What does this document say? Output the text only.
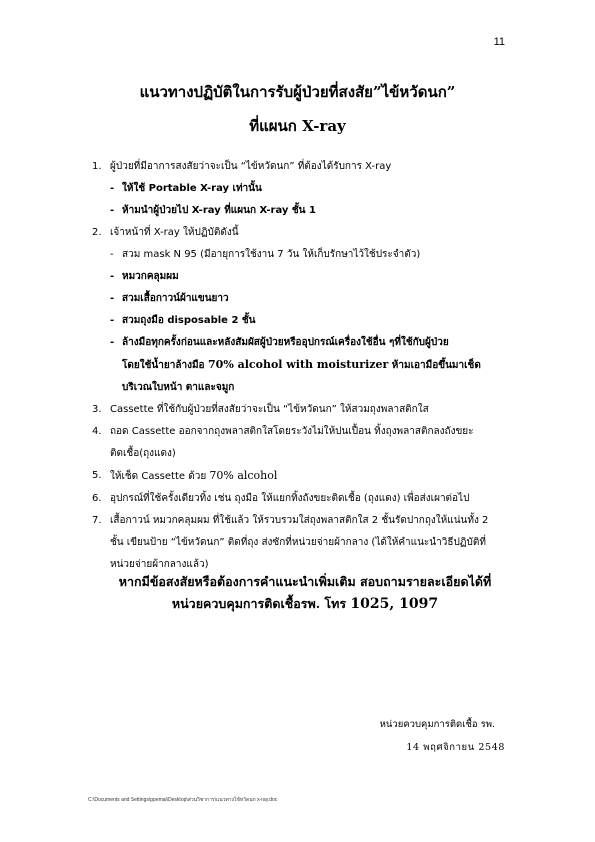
11
แนวทางปฏิบัติในการรับผู้ป่วยที่สงสัย”ไข้หวัดนก”
ที่แผนก X-ray
1. ผู้ป่วยที่มีอาการสงสัยว่าจะเป็น “ไข้หวัดนก” ที่ต้องได้รับการ X-ray
- ให้ใช้ Portable X-ray เท่านั้น
- ห้ามนำผู้ป่วยไป X-ray ที่แผนก X-ray ชั้น 1
2. เจ้าหน้าที่ X-ray ให้ปฏิบัติดังนี้
- สวม mask N 95 (มีอายุการใช้งาน 7 วัน ให้เก็บรักษาไว้ใช้ประจำตัว)
- หมวกคลุมผม
- สวมเสื้อกาวน์ผ้าแขนยาว
- สวมถุงมือ disposable 2 ชั้น
- ล้างมือทุกครั้งก่อนและหลังสัมผัสผู้ป่วยหรืออุปกรณ์เครื่องใช้อื่น ๆที่ใช้กับผู้ป่วย
โดยใช้น้ำยาล้างมือ 70% alcohol with moisturizer ห้ามเอามือขึ้นมาเช็ด
บริเวณใบหน้า ตาและจมูก
3. Cassette ที่ใช้กับผู้ป่วยที่สงสัยว่าจะเป็น “ไข้หวัดนก” ให้สวมถุงพลาสติกใส
4. ถอด Cassette ออกจากถุงพลาสติกใสโดยระวังไม่ให้ปนเปื้อน ทิ้งถุงพลาสติกลงถังขยะ
ติดเชื้อ(ถุงแดง)
5. ให้เช็ด Cassette ด้วย 70% alcohol
6. อุปกรณ์ที่ใช้ครั้งเดียวทิ้ง เช่น ถุงมือ ให้แยกทิ้งถังขยะติดเชื้อ (ถุงแดง) เพื่อส่งเผาต่อไป
7. เสื้อกาวน์ หมวกคลุมผม ที่ใช้แล้ว ให้รวบรวมใส่ถุงพลาสติกใส 2 ชั้นรัดปากถุงให้แน่นทั้ง 2
ชั้น เขียนป้าย “ไข้หวัดนก” ติดที่ถุง ส่งซักที่หน่วยจ่ายผ้ากลาง (ได้ให้คำแนะนำวิธีปฏิบัติที่
หน่วยจ่ายผ้ากลางแล้ว)
หากมีข้อสงสัยหรือต้องการคำแนะนำเพิ่มเติม สอบถามรายละเอียดได้ที่
หน่วยควบคุมการติดเชื้อรพ. โทร 1025, 1097
หน่วยควบคุมการติดเชื้อ รพ.
14 พฤศจิกายน 2548
C:\Documents and Settings\ppemai\Desktop\ส่วนวิชาการ\แนวทางไข้หวัดนก x-ray.doc
